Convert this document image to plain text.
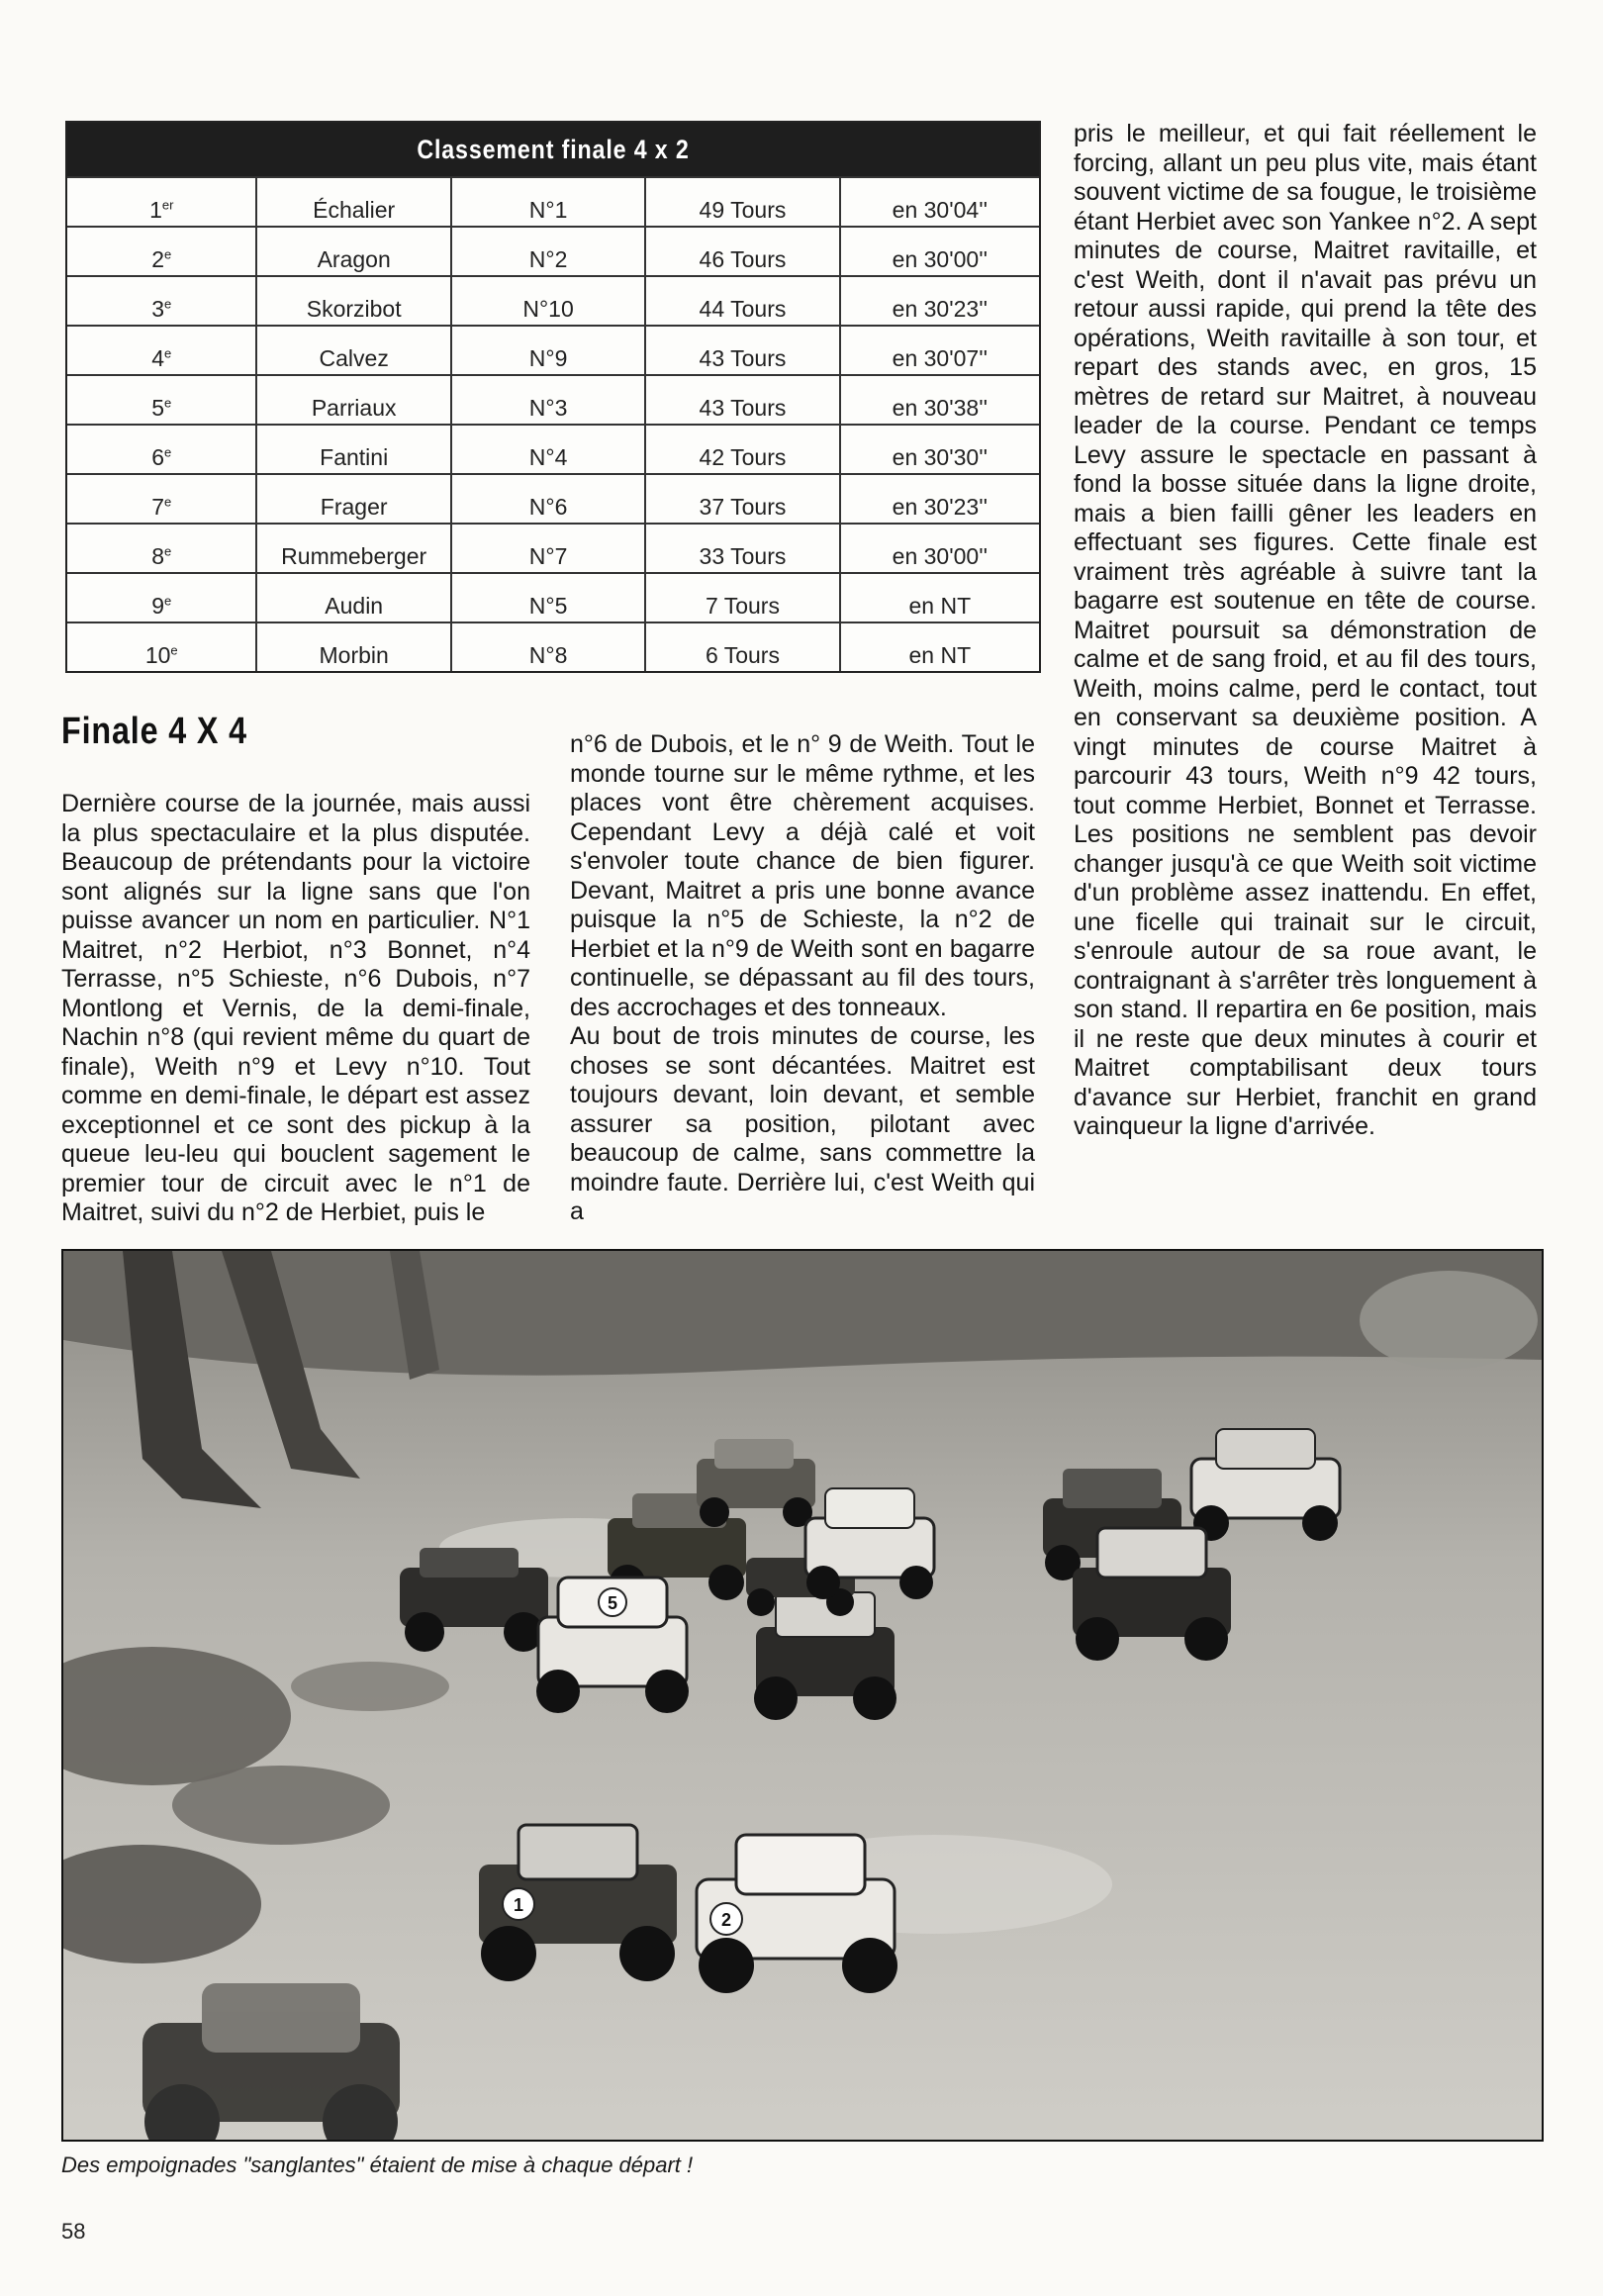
Classement finale 4 x 2
1er	Échalier	N°1	49 Tours	en 30'04''
2e	Aragon	N°2	46 Tours	en 30'00''
3e	Skorzibot	N°10	44 Tours	en 30'23''
4e	Calvez	N°9	43 Tours	en 30'07''
5e	Parriaux	N°3	43 Tours	en 30'38''
6e	Fantini	N°4	42 Tours	en 30'30''
7e	Frager	N°6	37 Tours	en 30'23''
8e	Rummeberger	N°7	33 Tours	en 30'00''
9e	Audin	N°5	7 Tours	en NT
10e	Morbin	N°8	6 Tours	en NT
Finale 4 X 4

Dernière course de la journée, mais aussi la plus spectaculaire et la plus disputée. Beaucoup de prétendants pour la victoire sont alignés sur la ligne sans que l'on puisse avancer un nom en particulier. N°1 Maitret, n°2 Herbiot, n°3 Bonnet, n°4 Terrasse, n°5 Schieste, n°6 Dubois, n°7 Montlong et Vernis, de la demi-finale, Nachin n°8 (qui revient même du quart de finale), Weith n°9 et Levy n°10. Tout comme en demi-finale, le départ est assez exceptionnel et ce sont des pickup à la queue leu-leu qui bouclent sagement le premier tour de circuit avec le n°1 de Maitret, suivi du n°2 de Herbiet, puis le

n°6 de Dubois, et le n° 9 de Weith. Tout le monde tourne sur le même rythme, et les places vont être chèrement acquises. Cependant Levy a déjà calé et voit s'envoler toute chance de bien figurer. Devant, Maitret a pris une bonne avance puisque la n°5 de Schieste, la n°2 de Herbiet et la n°9 de Weith sont en bagarre continuelle, se dépassant au fil des tours, des accrochages et des tonneaux.

Au bout de trois minutes de course, les choses se sont décantées. Maitret est toujours devant, loin devant, et semble assurer sa position, pilotant avec beaucoup de calme, sans commettre la moindre faute. Derrière lui, c'est Weith qui a

pris le meilleur, et qui fait réellement le forcing, allant un peu plus vite, mais étant souvent victime de sa fougue, le troisième étant Herbiet avec son Yankee n°2. A sept minutes de course, Maitret ravitaille, et c'est Weith, dont il n'avait pas prévu un retour aussi rapide, qui prend la tête des opérations, Weith ravitaille à son tour, et repart des stands avec, en gros, 15 mètres de retard sur Maitret, à nouveau leader de la course. Pendant ce temps Levy assure le spectacle en passant à fond la bosse située dans la ligne droite, mais a bien failli gêner les leaders en effectuant ses figures. Cette finale est vraiment très agréable à suivre tant la bagarre est soutenue en tête de course. Maitret poursuit sa démonstration de calme et de sang froid, et au fil des tours, Weith, moins calme, perd le contact, tout en conservant sa deuxième position. A vingt minutes de course Maitret à parcourir 43 tours, Weith n°9 42 tours, tout comme Herbiet, Bonnet et Terrasse. Les positions ne semblent pas devoir changer jusqu'à ce que Weith soit victime d'un problème assez inattendu. En effet, une ficelle qui trainait sur le circuit, s'enroule autour de sa roue avant, le contraignant à s'arrêter très longuement à son stand. Il repartira en 6e position, mais il ne reste que deux minutes à courir et Maitret comptabilisant deux tours d'avance sur Herbiet, franchit en grand vainqueur la ligne d'arrivée.

5
1
2
Des empoignades "sanglantes" étaient de mise à chaque départ !
58
